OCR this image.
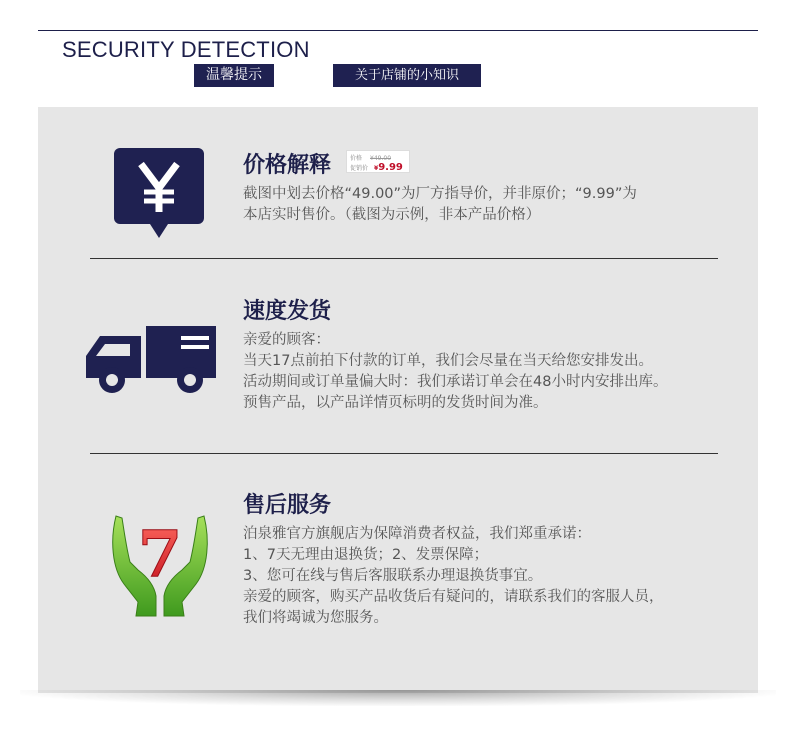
SECURITY DETECTION
温馨提示	关于店铺的小知识
价格解释	价格 ¥49.00
促销价 ¥9.99
截图中划去价格“49.00”为厂方指导价，并非原价；“9.99”为
本店实时售价。（截图为示例，非本产品价格）
速度发货
亲爱的顾客：
当天17点前拍下付款的订单，我们会尽量在当天给您安排发出。
活动期间或订单量偏大时：我们承诺订单会在48小时内安排出库。
预售产品，以产品详情页标明的发货时间为准。
7
售后服务
泊泉雅官方旗舰店为保障消费者权益，我们郑重承诺：
1、7天无理由退换货；2、发票保障；
3、您可在线与售后客服联系办理退换货事宜。
亲爱的顾客，购买产品收货后有疑问的，请联系我们的客服人员，
我们将竭诚为您服务。
